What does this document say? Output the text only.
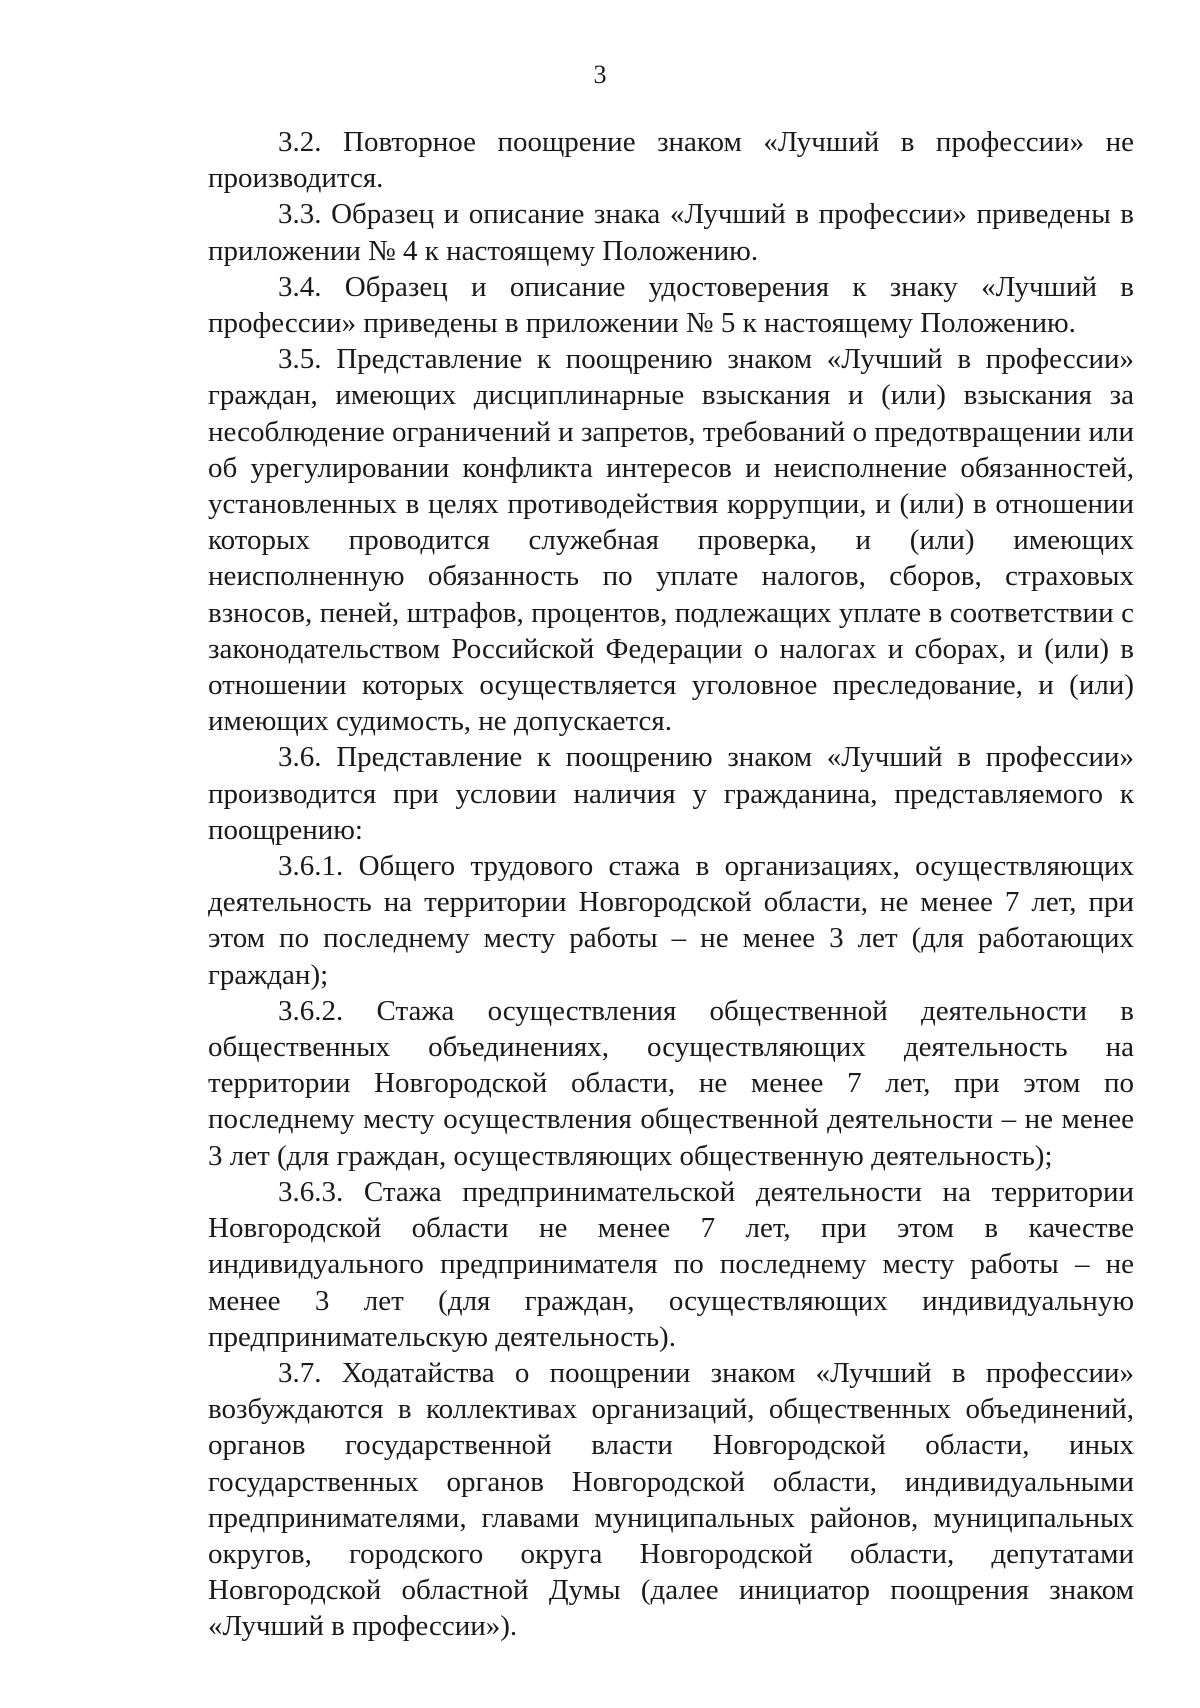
3

3.2. Повторное поощрение знаком «Лучший в профессии» не производится.

3.3. Образец и описание знака «Лучший в профессии» приведены в приложении № 4 к настоящему Положению.

3.4. Образец и описание удостоверения к знаку «Лучший в профессии» приведены в приложении № 5 к настоящему Положению.

3.5. Представление к поощрению знаком «Лучший в профессии» граждан, имеющих дисциплинарные взыскания и (или) взыскания за несоблюдение ограничений и запретов, требований о предотвращении или об урегулировании конфликта интересов и неисполнение обязанностей, установленных в целях противодействия коррупции, и (или) в отношении которых проводится служебная проверка, и (или) имеющих неисполненную обязанность по уплате налогов, сборов, страховых взносов, пеней, штрафов, процентов, подлежащих уплате в соответствии с законодательством Российской Федерации о налогах и сборах, и (или) в отношении которых осуществляется уголовное преследование, и (или) имеющих судимость, не допускается.

3.6. Представление к поощрению знаком «Лучший в профессии» производится при условии наличия у гражданина, представляемого к поощрению:

3.6.1. Общего трудового стажа в организациях, осуществляющих деятельность на территории Новгородской области, не менее 7 лет, при этом по последнему месту работы – не менее 3 лет (для работающих граждан);

3.6.2. Стажа осуществления общественной деятельности в общественных объединениях, осуществляющих деятельность на территории Новгородской области, не менее 7 лет, при этом по последнему месту осуществления общественной деятельности – не менее 3 лет (для граждан, осуществляющих общественную деятельность);

3.6.3. Стажа предпринимательской деятельности на территории Новгородской области не менее 7 лет, при этом в качестве индивидуального предпринимателя по последнему месту работы – не менее 3 лет (для граждан, осуществляющих индивидуальную предпринимательскую деятельность).

3.7. Ходатайства о поощрении знаком «Лучший в профессии» возбуждаются в коллективах организаций, общественных объединений, органов государственной власти Новгородской области, иных государственных органов Новгородской области, индивидуальными предпринимателями, главами муниципальных районов, муниципальных округов, городского округа Новгородской области, депутатами Новгородской областной Думы (далее инициатор поощрения знаком «Лучший в профессии»).
